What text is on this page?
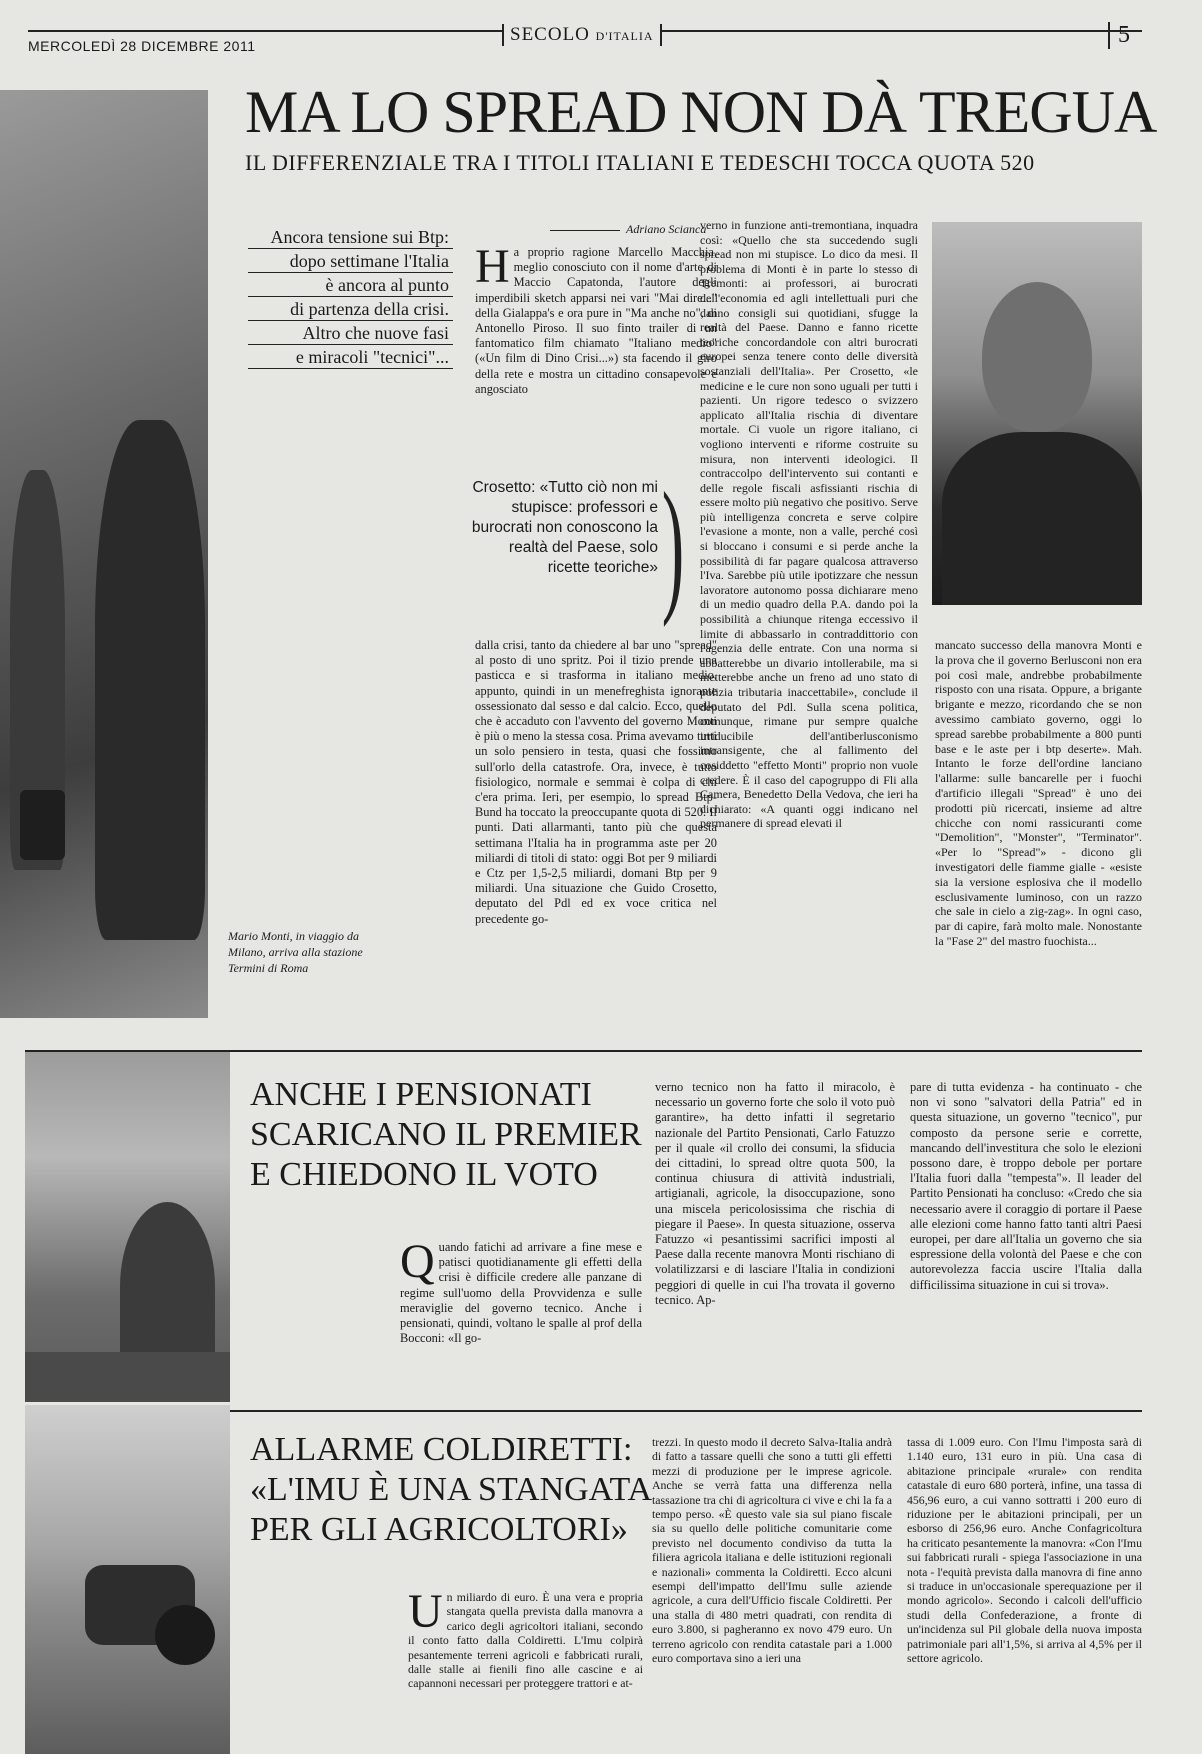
MERCOLEDÌ 28 DICEMBRE 2011
SECOLO D'ITALIA	5
MA LO SPREAD NON DÀ TREGUA
IL DIFFERENZIALE TRA I TITOLI ITALIANI E TEDESCHI TOCCA QUOTA 520
Ancora tensione sui Btp:
dopo settimane l'Italia
è ancora al punto
di partenza della crisi.
Altro che nuove fasi
e miracoli "tecnici"...
Adriano Scianca
Ha proprio ragione Marcello Macchia, meglio conosciuto con il nome d'arte di Maccio Capatonda, l'autore degli imperdibili sketch apparsi nei vari "Mai dire..." della Gialappa's e ora pure in "Ma anche no", di Antonello Piroso. Il suo finto trailer di un fantomatico film chiamato "Italiano medio" («Un film di Dino Crisi...») sta facendo il giro della rete e mostra un cittadino consapevole e angosciato
Crosetto: «Tutto ciò non mi stupisce: professori e burocrati non conoscono la realtà del Paese, solo ricette teoriche» )
dalla crisi, tanto da chiedere al bar uno "spread" al posto di uno spritz. Poi il tizio prende una pasticca e si trasforma in italiano medio, appunto, quindi in un menefreghista ignorante ossessionato dal sesso e dal calcio. Ecco, quello che è accaduto con l'avvento del governo Monti è più o meno la stessa cosa. Prima avevamo tutti un solo pensiero in testa, quasi che fossimo sull'orlo della catastrofe. Ora, invece, è tutto fisiologico, normale e semmai è colpa di chi c'era prima. Ieri, per esempio, lo spread Btp-Bund ha toccato la preoccupante quota di 520. Il punti. Dati allarmanti, tanto più che questa settimana l'Italia ha in programma aste per 20 miliardi di titoli di stato: oggi Bot per 9 miliardi e Ctz per 1,5-2,5 miliardi, domani Btp per 9 miliardi. Una situazione che Guido Crosetto, deputato del Pdl ed ex voce critica nel precedente go-
verno in funzione anti-tremontiana, inquadra così: «Quello che sta succedendo sugli spread non mi stupisce. Lo dico da mesi. Il problema di Monti è in parte lo stesso di Tremonti: ai professori, ai burocrati dell'economia ed agli intellettuali puri che danno consigli sui quotidiani, sfugge la realtà del Paese. Danno e fanno ricette teoriche concordandole con altri burocrati europei senza tenere conto delle diversità sostanziali dell'Italia». Per Crosetto, «le medicine e le cure non sono uguali per tutti i pazienti. Un rigore tedesco o svizzero applicato all'Italia rischia di diventare mortale. Ci vuole un rigore italiano, ci vogliono interventi e riforme costruite su misura, non interventi ideologici. Il contraccolpo dell'intervento sui contanti e delle regole fiscali asfissianti rischia di essere molto più negativo che positivo. Serve più intelligenza concreta e serve colpire l'evasione a monte, non a valle, perché così si bloccano i consumi e si perde anche la possibilità di far pagare qualcosa attraverso l'Iva. Sarebbe più utile ipotizzare che nessun lavoratore autonomo possa dichiarare meno di un medio quadro della P.A. dando poi la possibilità a chiunque ritenga eccessivo il limite di abbassarlo in contraddittorio con l'agenzia delle entrate. Con una norma si abbatterebbe un divario intollerabile, ma si metterebbe anche un freno ad uno stato di polizia tributaria inaccettabile», conclude il deputato del Pdl. Sulla scena politica, comunque, rimane pur sempre qualche irriducibile dell'antiberlusconismo intransigente, che al fallimento del cosiddetto "effetto Monti" proprio non vuole credere. È il caso del capogruppo di Fli alla Camera, Benedetto Della Vedova, che ieri ha dichiarato: «A quanti oggi indicano nel permanere di spread elevati il
mancato successo della manovra Monti e la prova che il governo Berlusconi non era poi così male, andrebbe probabilmente risposto con una risata. Oppure, a brigante brigante e mezzo, ricordando che se non avessimo cambiato governo, oggi lo spread sarebbe probabilmente a 800 punti base e le aste per i btp deserte». Mah. Intanto le forze dell'ordine lanciano l'allarme: sulle bancarelle per i fuochi d'artificio illegali "Spread" è uno dei prodotti più ricercati, insieme ad altre chicche con nomi rassicuranti come "Demolition", "Monster", "Terminator". «Per lo "Spread"» - dicono gli investigatori delle fiamme gialle - «esiste sia la versione esplosiva che il modello esclusivamente luminoso, con un razzo che sale in cielo a zig-zag». In ogni caso, par di capire, farà molto male. Nonostante la "Fase 2" del mastro fuochista...
Mario Monti, in viaggio da Milano, arriva alla stazione Termini di Roma
ANCHE I PENSIONATI
SCARICANO IL PREMIER
E CHIEDONO IL VOTO
Quando fatichi ad arrivare a fine mese e patisci quotidianamente gli effetti della crisi è difficile credere alle panzane di regime sull'uomo della Provvidenza e sulle meraviglie del governo tecnico. Anche i pensionati, quindi, voltano le spalle al prof della Bocconi: «Il go-
verno tecnico non ha fatto il miracolo, è necessario un governo forte che solo il voto può garantire», ha detto infatti il segretario nazionale del Partito Pensionati, Carlo Fatuzzo per il quale «il crollo dei consumi, la sfiducia dei cittadini, lo spread oltre quota 500, la continua chiusura di attività industriali, artigianali, agricole, la disoccupazione, sono una miscela pericolosissima che rischia di piegare il Paese». In questa situazione, osserva Fatuzzo «i pesantissimi sacrifici imposti al Paese dalla recente manovra Monti rischiano di volatilizzarsi e di lasciare l'Italia in condizioni peggiori di quelle in cui l'ha trovata il governo tecnico. Ap-
pare di tutta evidenza - ha continuato - che non vi sono "salvatori della Patria" ed in questa situazione, un governo "tecnico", pur composto da persone serie e corrette, mancando dell'investitura che solo le elezioni possono dare, è troppo debole per portare l'Italia fuori dalla "tempesta"». Il leader del Partito Pensionati ha concluso: «Credo che sia necessario avere il coraggio di portare il Paese alle elezioni come hanno fatto tanti altri Paesi europei, per dare all'Italia un governo che sia espressione della volontà del Paese e che con autorevolezza faccia uscire l'Italia dalla difficilissima situazione in cui si trova».
ALLARME COLDIRETTI:
«L'IMU È UNA STANGATA
PER GLI AGRICOLTORI»
Un miliardo di euro. È una vera e propria stangata quella prevista dalla manovra a carico degli agricoltori italiani, secondo il conto fatto dalla Coldiretti. L'Imu colpirà pesantemente terreni agricoli e fabbricati rurali, dalle stalle ai fienili fino alle cascine e ai capannoni necessari per proteggere trattori e at-
trezzi. In questo modo il decreto Salva-Italia andrà di fatto a tassare quelli che sono a tutti gli effetti mezzi di produzione per le imprese agricole. Anche se verrà fatta una differenza nella tassazione tra chi di agricoltura ci vive e chi la fa a tempo perso. «È questo vale sia sul piano fiscale sia su quello delle politiche comunitarie come previsto nel documento condiviso da tutta la filiera agricola italiana e delle istituzioni regionali e nazionali» commenta la Coldiretti. Ecco alcuni esempi dell'impatto dell'Imu sulle aziende agricole, a cura dell'Ufficio fiscale Coldiretti. Per una stalla di 480 metri quadrati, con rendita di euro 3.800, si pagheranno ex novo 479 euro. Un terreno agricolo con rendita catastale pari a 1.000 euro comportava sino a ieri una
tassa di 1.009 euro. Con l'Imu l'imposta sarà di 1.140 euro, 131 euro in più. Una casa di abitazione principale «rurale» con rendita catastale di euro 680 porterà, infine, una tassa di 456,96 euro, a cui vanno sottratti i 200 euro di riduzione per le abitazioni principali, per un esborso di 256,96 euro. Anche Confagricoltura ha criticato pesantemente la manovra: «Con l'Imu sui fabbricati rurali - spiega l'associazione in una nota - l'equità prevista dalla manovra di fine anno si traduce in un'occasionale sperequazione per il mondo agricolo». Secondo i calcoli dell'ufficio studi della Confederazione, a fronte di un'incidenza sul Pil globale della nuova imposta patrimoniale pari all'1,5%, si arriva al 4,5% per il settore agricolo.
